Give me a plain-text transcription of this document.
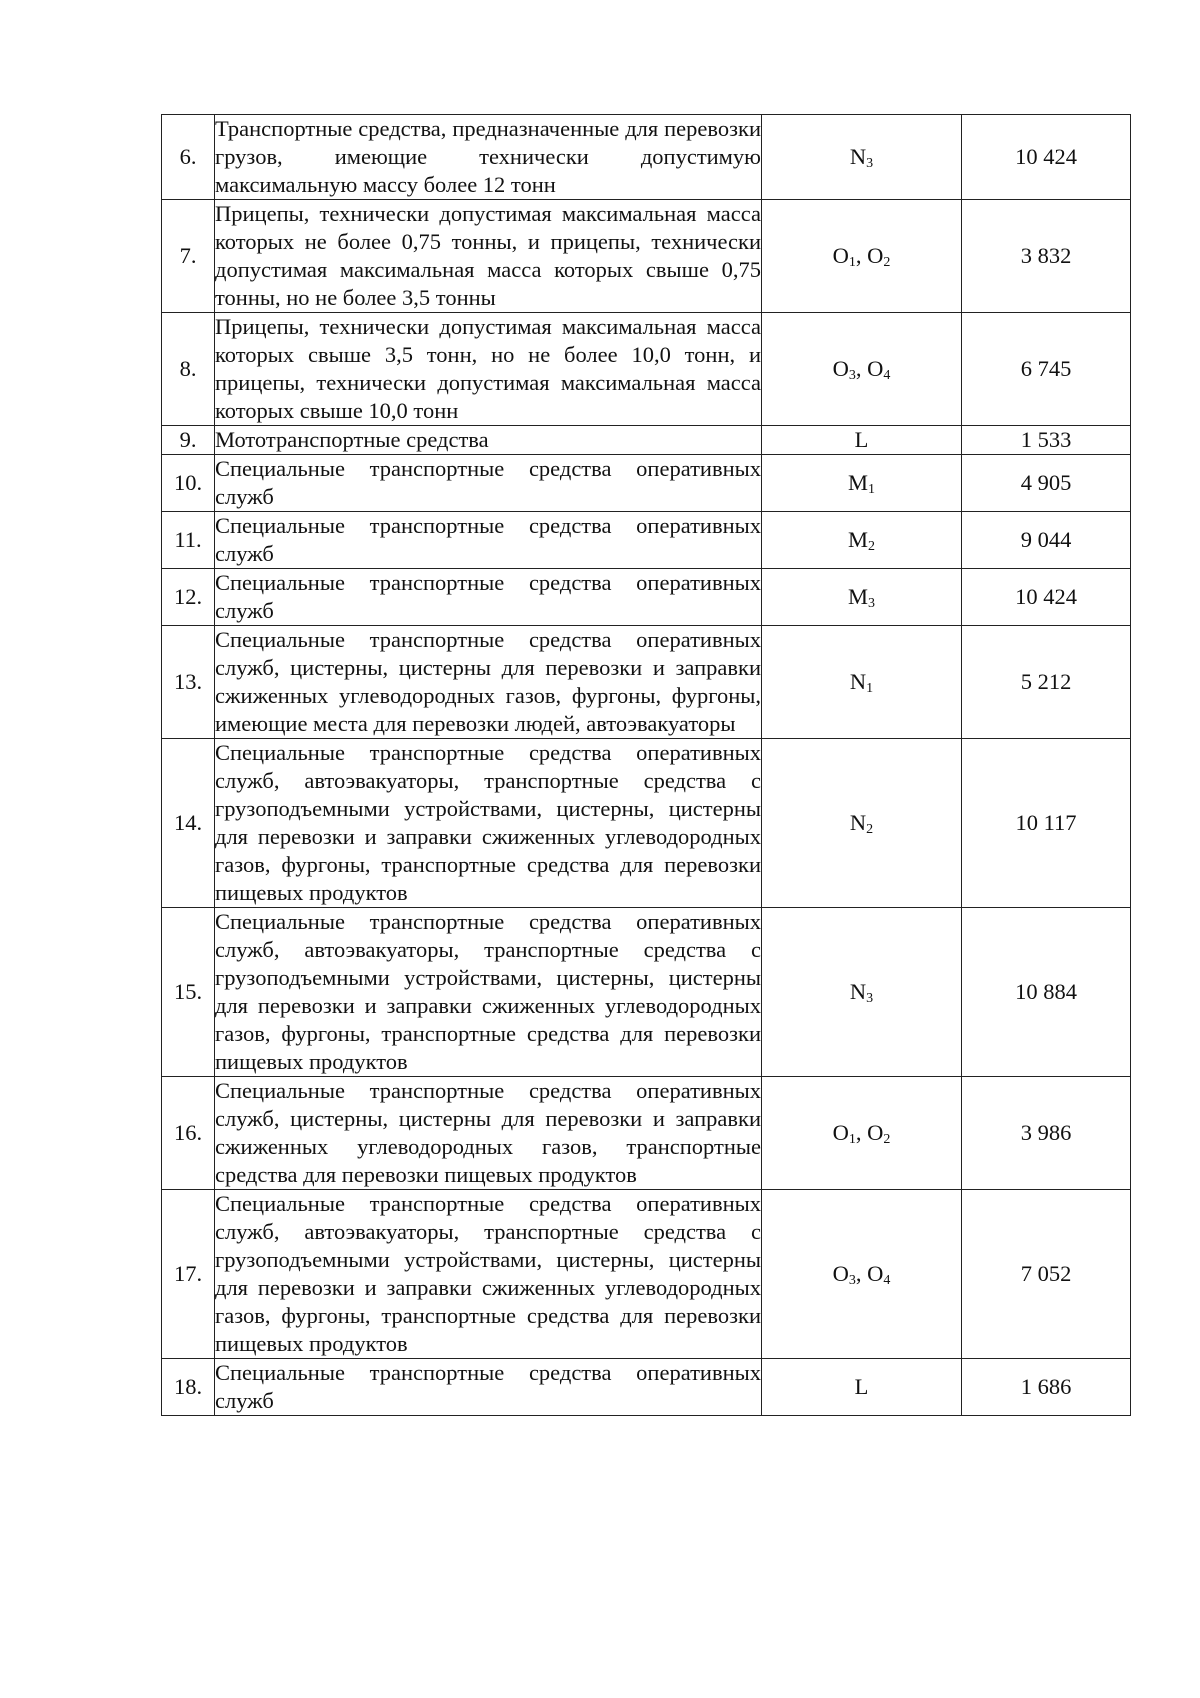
6.	Транспортные средства, предназначенные для перевозки грузов, имеющие технически допустимую максимальную массу более 12 тонн	$N_3$	10 424
7.	Прицепы, технически допустимая максимальная масса которых не более 0,75 тонны, и прицепы, технически допустимая максимальная масса которых свыше 0,75 тонны, но не более 3,5 тонны	$O_1$, $O_2$	3 832
8.	Прицепы, технически допустимая максимальная масса которых свыше 3,5 тонн, но не более 10,0 тонн, и прицепы, технически допустимая максимальная масса которых свыше 10,0 тонн	$O_3$, $O_4$	6 745
9.	Мототранспортные средства	L	1 533
10.	Специальные транспортные средства оперативных служб	$M_1$	4 905
11.	Специальные транспортные средства оперативных служб	$M_2$	9 044
12.	Специальные транспортные средства оперативных служб	$M_3$	10 424
13.	Специальные транспортные средства оперативных служб, цистерны, цистерны для перевозки и заправки сжиженных углеводородных газов, фургоны, фургоны, имеющие места для перевозки людей, автоэвакуаторы	$N_1$	5 212
14.	Специальные транспортные средства оперативных служб, автоэвакуаторы, транспортные средства с грузоподъемными устройствами, цистерны, цистерны для перевозки и заправки сжиженных углеводородных газов, фургоны, транспортные средства для перевозки пищевых продуктов	$N_2$	10 117
15.	Специальные транспортные средства оперативных служб, автоэвакуаторы, транспортные средства с грузоподъемными устройствами, цистерны, цистерны для перевозки и заправки сжиженных углеводородных газов, фургоны, транспортные средства для перевозки пищевых продуктов	$N_3$	10 884
16.	Специальные транспортные средства оперативных служб, цистерны, цистерны для перевозки и заправки сжиженных углеводородных газов, транспортные средства для перевозки пищевых продуктов	$O_1$, $O_2$	3 986
17.	Специальные транспортные средства оперативных служб, автоэвакуаторы, транспортные средства с грузоподъемными устройствами, цистерны, цистерны для перевозки и заправки сжиженных углеводородных газов, фургоны, транспортные средства для перевозки пищевых продуктов	$O_3$, $O_4$	7 052
18.	Специальные транспортные средства оперативных служб	L	1 686
